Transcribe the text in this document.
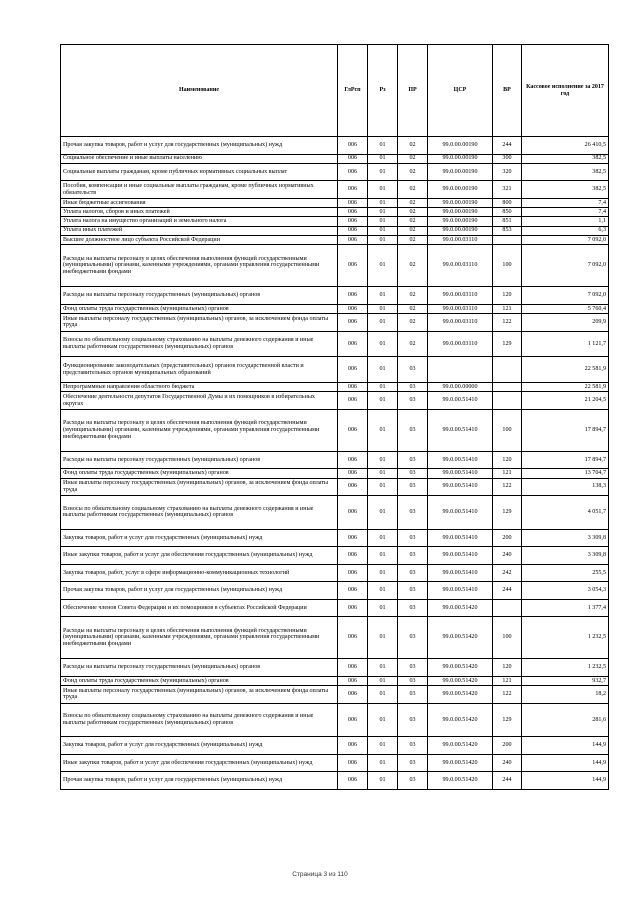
Наименование	ГлРсп	Рз	ПР	ЦСР	ВР	Кассовое исполнение за 2017 год
Прочая закупка товаров, работ и услуг для государственных (муниципальных) нужд	006	01	02	99.0.00.00190	244	26 410,5
Социальное обеспечение и иные выплаты населению	006	01	02	99.0.00.00190	300	382,5
Социальные выплаты гражданам, кроме публичных нормативных социальных выплат	006	01	02	99.0.00.00190	320	382,5
Пособия, компенсации и иные социальные выплаты гражданам, кроме публичных нормативных обязательств	006	01	02	99.0.00.00190	321	382,5
Иные бюджетные ассигнования	006	01	02	99.0.00.00190	800	7,4
Уплата налогов, сборов и иных платежей	006	01	02	99.0.00.00190	850	7,4
Уплата налога на имущество организаций и земельного налога	006	01	02	99.0.00.00190	851	1,1
Уплата иных платежей	006	01	02	99.0.00.00190	853	6,3
Высшее должностное лицо субъекта Российской Федерации	006	01	02	99.0.00.03110		7 092,0
Расходы на выплаты персоналу в целях обеспечения выполнения функций государственными (муниципальными) органами, казенными учреждениями, органами управления государственными внебюджетными фондами	006	01	02	99.0.00.03110	100	7 092,0
Расходы на выплаты персоналу государственных (муниципальных) органов	006	01	02	99.0.00.03110	120	7 092,0
Фонд оплаты труда государственных (муниципальных) органов	006	01	02	99.0.00.03110	121	5 760,4
Иные выплаты персоналу государственных (муниципальных) органов, за исключением фонда оплаты труда	006	01	02	99.0.00.03110	122	209,9
Взносы по обязательному социальному страхованию на выплаты денежного содержания и иные выплаты работникам государственных (муниципальных) органов	006	01	02	99.0.00.03110	129	1 121,7
Функционирование законодательных (представительных) органов государственной власти и представительных органов муниципальных образований	006	01	03			22 581,9
Непрограммные направления областного бюджета	006	01	03	99.0.00.00000		22 581,9
Обеспечение деятельности депутатов Государственной Думы и их помощников в избирательных округах	006	01	03	99.0.00.51410		21 204,5
Расходы на выплаты персоналу в целях обеспечения выполнения функций государственными (муниципальными) органами, казенными учреждениями, органами управления государственными внебюджетными фондами	006	01	03	99.0.00.51410	100	17 894,7
Расходы на выплаты персоналу государственных (муниципальных) органов	006	01	03	99.0.00.51410	120	17 894,7
Фонд оплаты труда государственных (муниципальных) органов	006	01	03	99.0.00.51410	121	13 704,7
Иные выплаты персоналу государственных (муниципальных) органов, за исключением фонда оплаты труда	006	01	03	99.0.00.51410	122	138,3
Взносы по обязательному социальному страхованию на выплаты денежного содержания и иные выплаты работникам государственных (муниципальных) органов	006	01	03	99.0.00.51410	129	4 051,7
Закупка товаров, работ и услуг для государственных (муниципальных) нужд	006	01	03	99.0.00.51410	200	3 309,8
Иные закупки товаров, работ и услуг для обеспечения государственных (муниципальных) нужд	006	01	03	99.0.00.51410	240	3 309,8
Закупка товаров, работ, услуг в сфере информационно-коммуникационных технологий	006	01	03	99.0.00.51410	242	255,5
Прочая закупка товаров, работ и услуг для государственных (муниципальных) нужд	006	01	03	99.0.00.51410	244	3 054,3
Обеспечение членов Совета Федерации и их помощников в субъектах Российской Федерации	006	01	03	99.0.00.51420		1 377,4
Расходы на выплаты персоналу в целях обеспечения выполнения функций государственными (муниципальными) органами, казенными учреждениями, органами управления государственными внебюджетными фондами	006	01	03	99.0.00.51420	100	1 232,5
Расходы на выплаты персоналу государственных (муниципальных) органов	006	01	03	99.0.00.51420	120	1 232,5
Фонд оплаты труда государственных (муниципальных) органов	006	01	03	99.0.00.51420	121	932,7
Иные выплаты персоналу государственных (муниципальных) органов, за исключением фонда оплаты труда	006	01	03	99.0.00.51420	122	18,2
Взносы по обязательному социальному страхованию на выплаты денежного содержания и иные выплаты работникам государственных (муниципальных) органов	006	01	03	99.0.00.51420	129	281,6
Закупка товаров, работ и услуг для государственных (муниципальных) нужд	006	01	03	99.0.00.51420	200	144,9
Иные закупки товаров, работ и услуг для обеспечения государственных (муниципальных) нужд	006	01	03	99.0.00.51420	240	144,9
Прочая закупка товаров, работ и услуг для государственных (муниципальных) нужд	006	01	03	99.0.00.51420	244	144,9
Страница 3 из 110
